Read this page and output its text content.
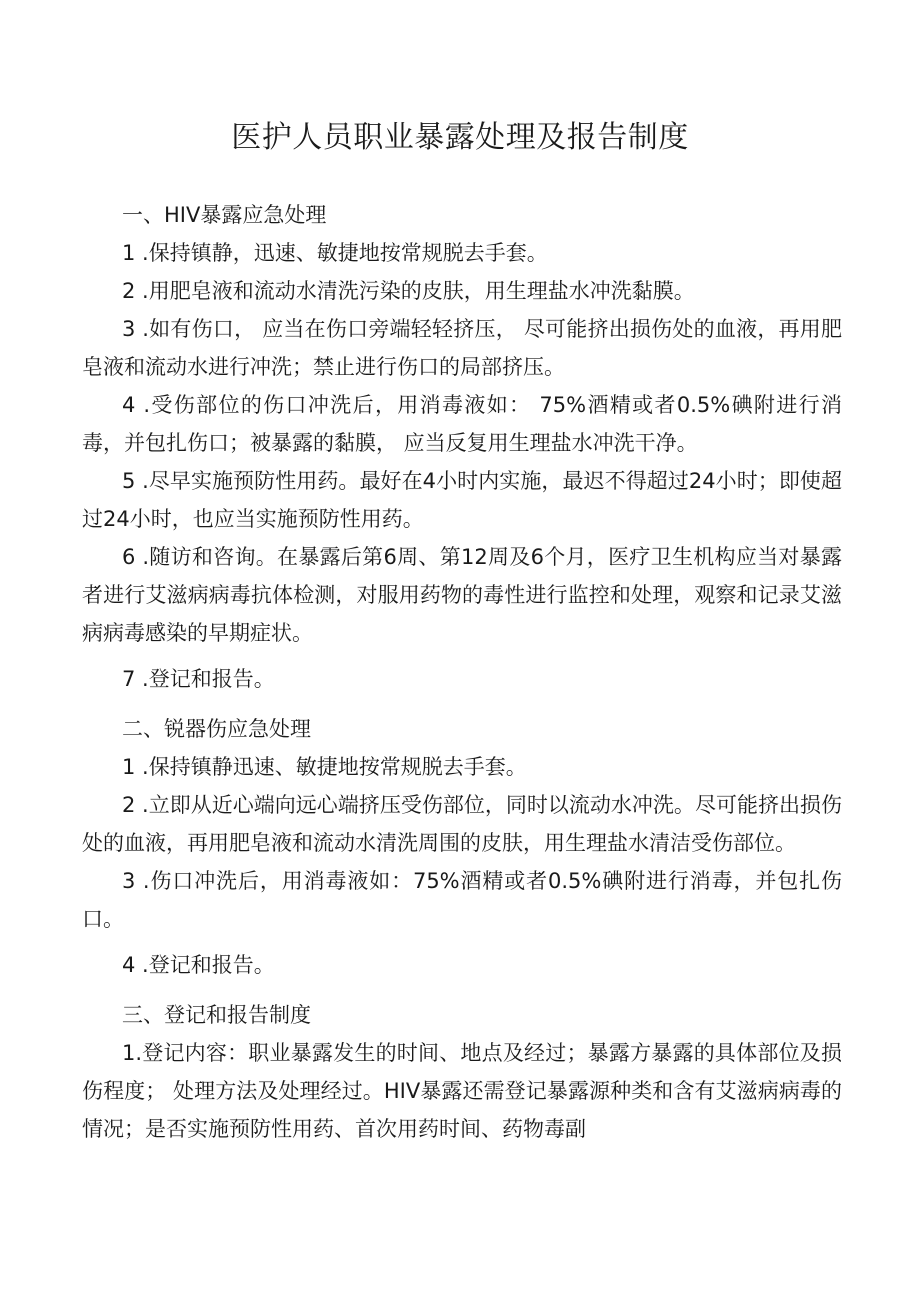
医护人员职业暴露处理及报告制度
一、HIV暴露应急处理

1 .保持镇静，迅速、敏捷地按常规脱去手套。

2 .用肥皂液和流动水清洗污染的皮肤，用生理盐水冲洗黏膜。

3 .如有伤口， 应当在伤口旁端轻轻挤压， 尽可能挤出损伤处的血液，再用肥皂液和流动水进行冲洗；禁止进行伤口的局部挤压。

4 .受伤部位的伤口冲洗后，用消毒液如： 75%酒精或者0.5%碘附进行消毒，并包扎伤口；被暴露的黏膜， 应当反复用生理盐水冲洗干净。

5 .尽早实施预防性用药。最好在4小时内实施，最迟不得超过24小时；即使超过24小时，也应当实施预防性用药。

6 .随访和咨询。在暴露后第6周、第12周及6个月，医疗卫生机构应当对暴露者进行艾滋病病毒抗体检测，对服用药物的毒性进行监控和处理，观察和记录艾滋病病毒感染的早期症状。

7 .登记和报告。

二、锐器伤应急处理

1 .保持镇静迅速、敏捷地按常规脱去手套。

2 .立即从近心端向远心端挤压受伤部位，同时以流动水冲洗。尽可能挤出损伤处的血液，再用肥皂液和流动水清洗周围的皮肤，用生理盐水清洁受伤部位。

3 .伤口冲洗后，用消毒液如：75%酒精或者0.5%碘附进行消毒，并包扎伤口。

4 .登记和报告。

三、登记和报告制度

1.登记内容：职业暴露发生的时间、地点及经过；暴露方暴露的具体部位及损伤程度； 处理方法及处理经过。HIV暴露还需登记暴露源种类和含有艾滋病病毒的情况；是否实施预防性用药、首次用药时间、药物毒副
